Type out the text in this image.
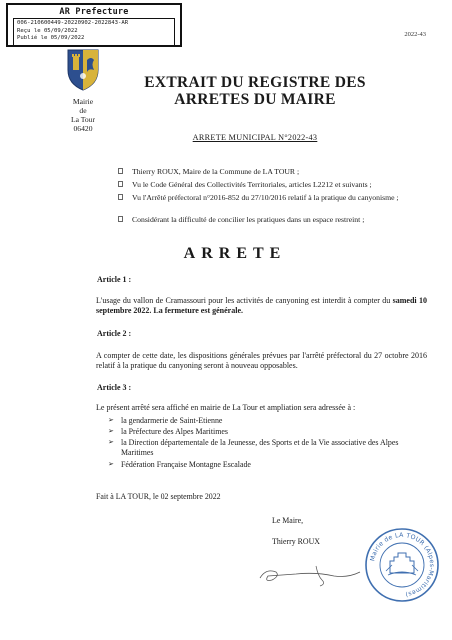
AR Prefecture
006-210600449-20220902-2022843-AR
Reçu le 05/09/2022
Publié le 05/09/2022
2022-43
Mairie
de
La Tour
06420
EXTRAIT DU REGISTRE DES
ARRETES DU MAIRE
ARRETE MUNICIPAL N°2022-43
Thierry ROUX, Maire de la Commune de LA TOUR ;
Vu le Code Général des Collectivités Territoriales, articles L2212 et suivants ;
Vu l'Arrêté préfectoral n°2016-852 du 27/10/2016 relatif à la pratique du canyonisme ;
Considérant la difficulté de concilier les pratiques dans un espace restreint ;
ARRETE
Article 1 :
L'usage du vallon de Cramassouri pour les activités de canyoning est interdit à compter du samedi 10 septembre 2022. La fermeture est générale.
Article 2 :
A compter de cette date, les dispositions générales prévues par l'arrêté préfectoral du 27 octobre 2016 relatif à la pratique du canyoning seront à nouveau opposables.
Article 3 :
Le présent arrêté sera affiché en mairie de La Tour et ampliation sera adressée à :
➢ la gendarmerie de Saint-Etienne
➢ la Préfecture des Alpes Maritimes
➢ la Direction départementale de la Jeunesse, des Sports et de la Vie associative des Alpes Maritimes
➢ Fédération Française Montagne Escalade
Fait à LA TOUR, le 02 septembre 2022
Le Maire,
Thierry ROUX
Mairie de LA TOUR (Alpes-Maritimes)
